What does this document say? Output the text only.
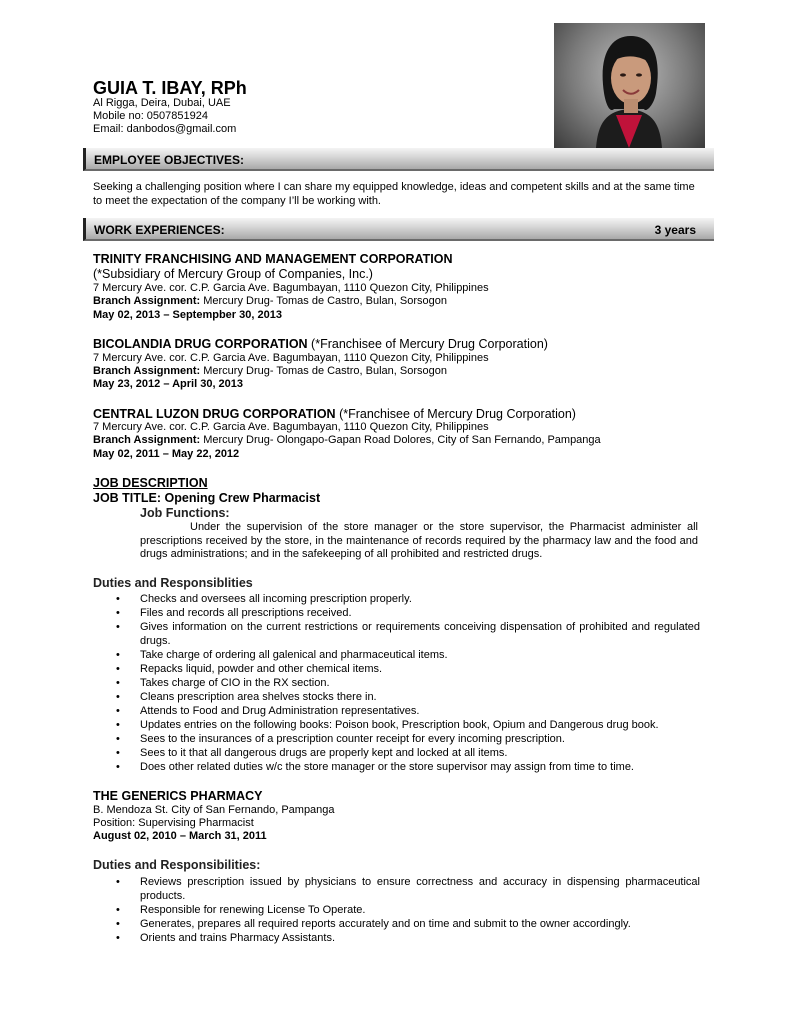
GUIA T. IBAY, RPh
Al Rigga, Deira, Dubai, UAE
Mobile no: 0507851924
Email: danbodos@gmail.com
EMPLOYEE OBJECTIVES:
Seeking a challenging position where I can share my equipped knowledge, ideas and competent skills and at the same time to meet the expectation of the company I’ll be working with.
WORK EXPERIENCES:	3 years
TRINITY FRANCHISING AND MANAGEMENT CORPORATION
(*Subsidiary of Mercury Group of Companies, Inc.)
7 Mercury Ave. cor. C.P. Garcia Ave. Bagumbayan, 1110 Quezon City, Philippines
Branch Assignment: Mercury Drug- Tomas de Castro, Bulan, Sorsogon
May 02, 2013 – Septempber 30, 2013
BICOLANDIA DRUG CORPORATION (*Franchisee of Mercury Drug Corporation)
7 Mercury Ave. cor. C.P. Garcia Ave. Bagumbayan, 1110 Quezon City, Philippines
Branch Assignment: Mercury Drug- Tomas de Castro, Bulan, Sorsogon
May 23, 2012 – April 30, 2013
CENTRAL LUZON DRUG CORPORATION (*Franchisee of Mercury Drug Corporation)
7 Mercury Ave. cor. C.P. Garcia Ave. Bagumbayan, 1110 Quezon City, Philippines
Branch Assignment: Mercury Drug- Olongapo-Gapan Road Dolores, City of San Fernando, Pampanga
May 02, 2011 – May 22, 2012
JOB DESCRIPTION
JOB TITLE: Opening Crew Pharmacist
Job Functions:
Under the supervision of the store manager or the store supervisor, the Pharmacist administer all prescriptions received by the store, in the maintenance of records required by the pharmacy law and the food and drugs administrations; and in the safekeeping of all prohibited and restricted drugs.
Duties and Responsiblities
• Checks and oversees all incoming prescription properly.
• Files and records all prescriptions received.
• Gives information on the current restrictions or requirements conceiving dispensation of prohibited and regulated drugs.
• Take charge of ordering all galenical and pharmaceutical items.
• Repacks liquid, powder and other chemical items.
• Takes charge of CIO in the RX section.
• Cleans prescription area shelves stocks there in.
• Attends to Food and Drug Administration representatives.
• Updates entries on the following books: Poison book, Prescription book, Opium and Dangerous drug book.
• Sees to the insurances of a prescription counter receipt for every incoming prescription.
• Sees to it that all dangerous drugs are properly kept and locked at all items.
• Does other related duties w/c the store manager or the store supervisor may assign from time to time.
THE GENERICS PHARMACY
B. Mendoza St. City of San Fernando, Pampanga
Position: Supervising Pharmacist
August 02, 2010 – March 31, 2011
Duties and Responsibilities:
• Reviews prescription issued by physicians to ensure correctness and accuracy in dispensing pharmaceutical products.
• Responsible for renewing License To Operate.
• Generates, prepares all required reports accurately and on time and submit to the owner accordingly.
• Orients and trains Pharmacy Assistants.
